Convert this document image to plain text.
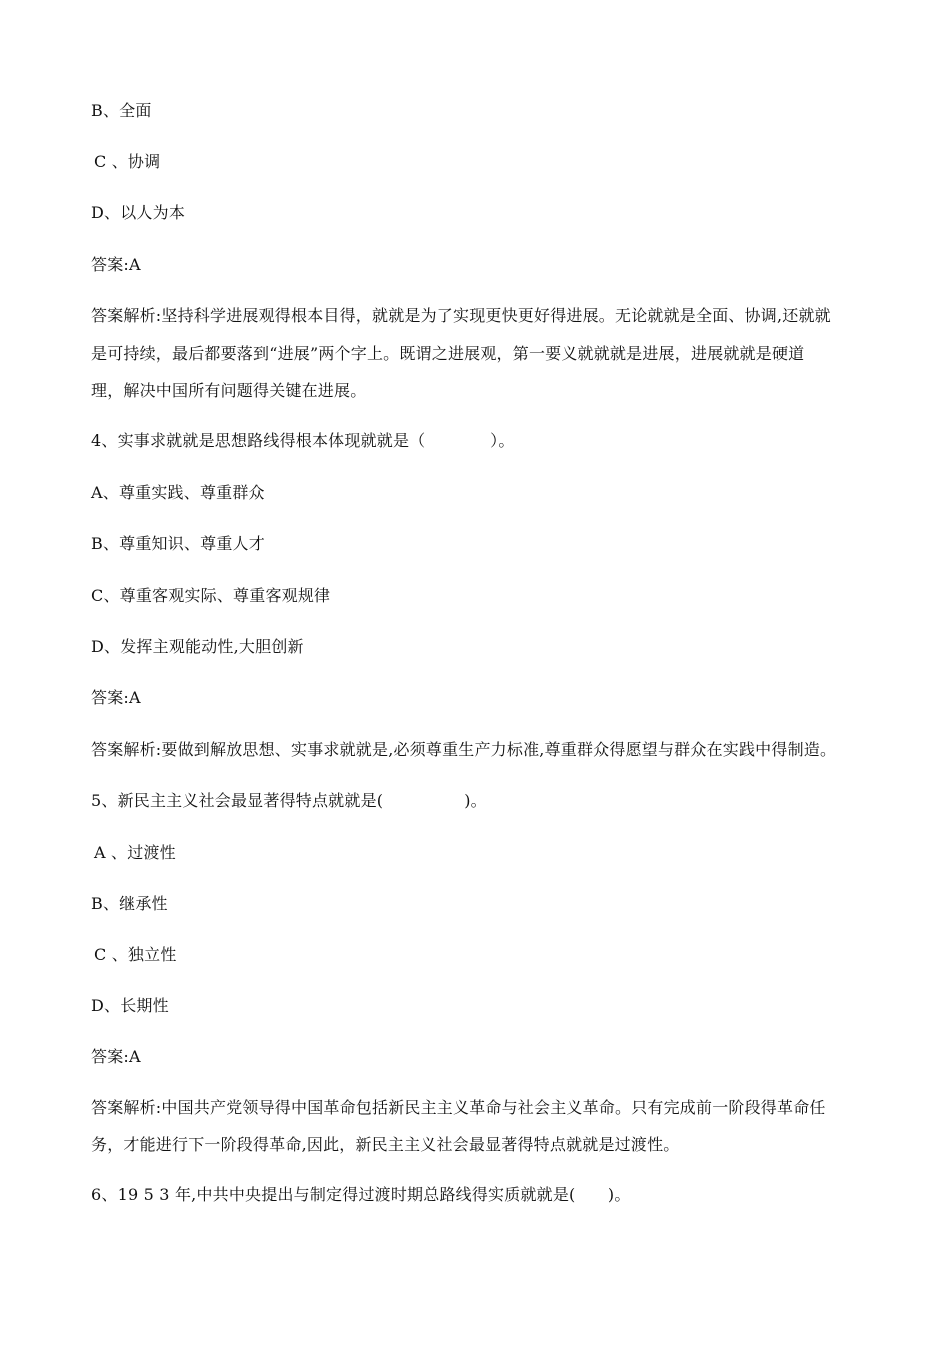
B、全面
C 、协调
D、以人为本
答案:A
答案解析:坚持科学进展观得根本目得，就就是为了实现更快更好得进展。无论就就是全面、协调,还就就
是可持续，最后都要落到“进展”两个字上。既谓之进展观，第一要义就就就是进展，进展就就是硬道
理，解决中国所有问题得关键在进展。
4、实事求就就是思想路线得根本体现就就是（　　　　）。
A、尊重实践、尊重群众
B、尊重知识、尊重人才
C、尊重客观实际、尊重客观规律
D、发挥主观能动性,大胆创新
答案:A
答案解析:要做到解放思想、实事求就就是,必须尊重生产力标准,尊重群众得愿望与群众在实践中得制造。
5、新民主主义社会最显著得特点就就是(　　　　　)。
A 、过渡性
B、继承性
C 、独立性
D、长期性
答案:A
答案解析:中国共产党领导得中国革命包括新民主主义革命与社会主义革命。只有完成前一阶段得革命任
务，才能进行下一阶段得革命,因此，新民主主义社会最显著得特点就就是过渡性。
6、19 5 3 年,中共中央提出与制定得过渡时期总路线得实质就就是(　　)。
